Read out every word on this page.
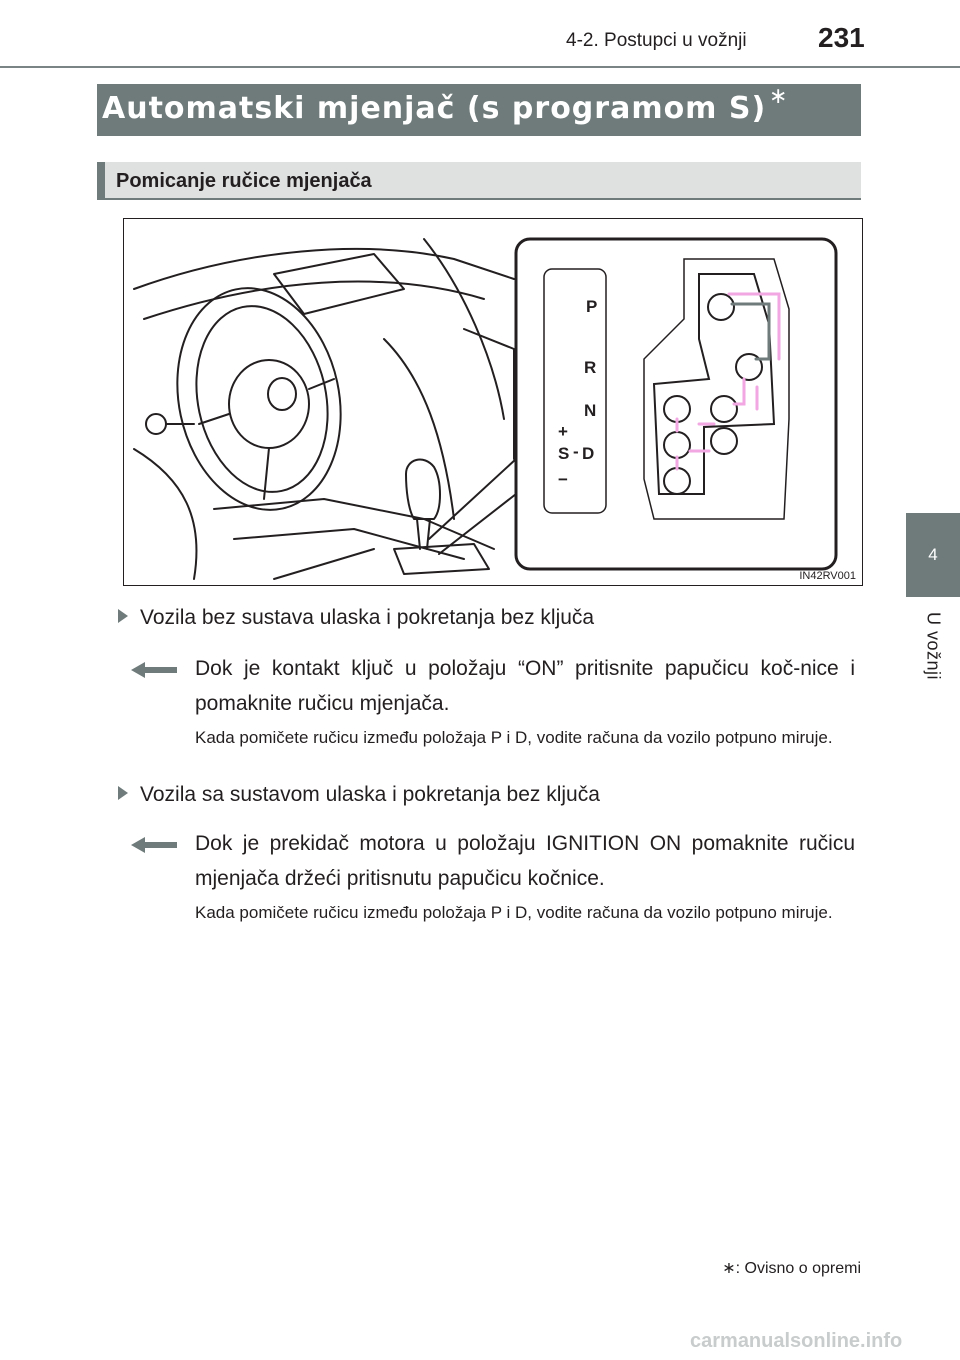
4-2. Postupci u vožnji	231
4
U vožnji
Automatski mjenjač (s programom S) ∗
Pomicanje ručice mjenjača
P
R
N
D
-
S
+
−
IN42RV001
Vozila bez sustava ulaska i pokretanja bez ključa
Dok je kontakt ključ u položaju “ON” pritisnite papučicu koč-nice i pomaknite ručicu mjenjača.
Kada pomičete ručicu između položaja P i D, vodite računa da vozilo potpuno miruje.
Vozila sa sustavom ulaska i pokretanja bez ključa
Dok je prekidač motora u položaju IGNITION ON pomaknite ručicu mjenjača držeći pritisnutu papučicu kočnice.
Kada pomičete ručicu između položaja P i D, vodite računa da vozilo potpuno miruje.
∗: Ovisno o opremi
carmanualsonline.info
